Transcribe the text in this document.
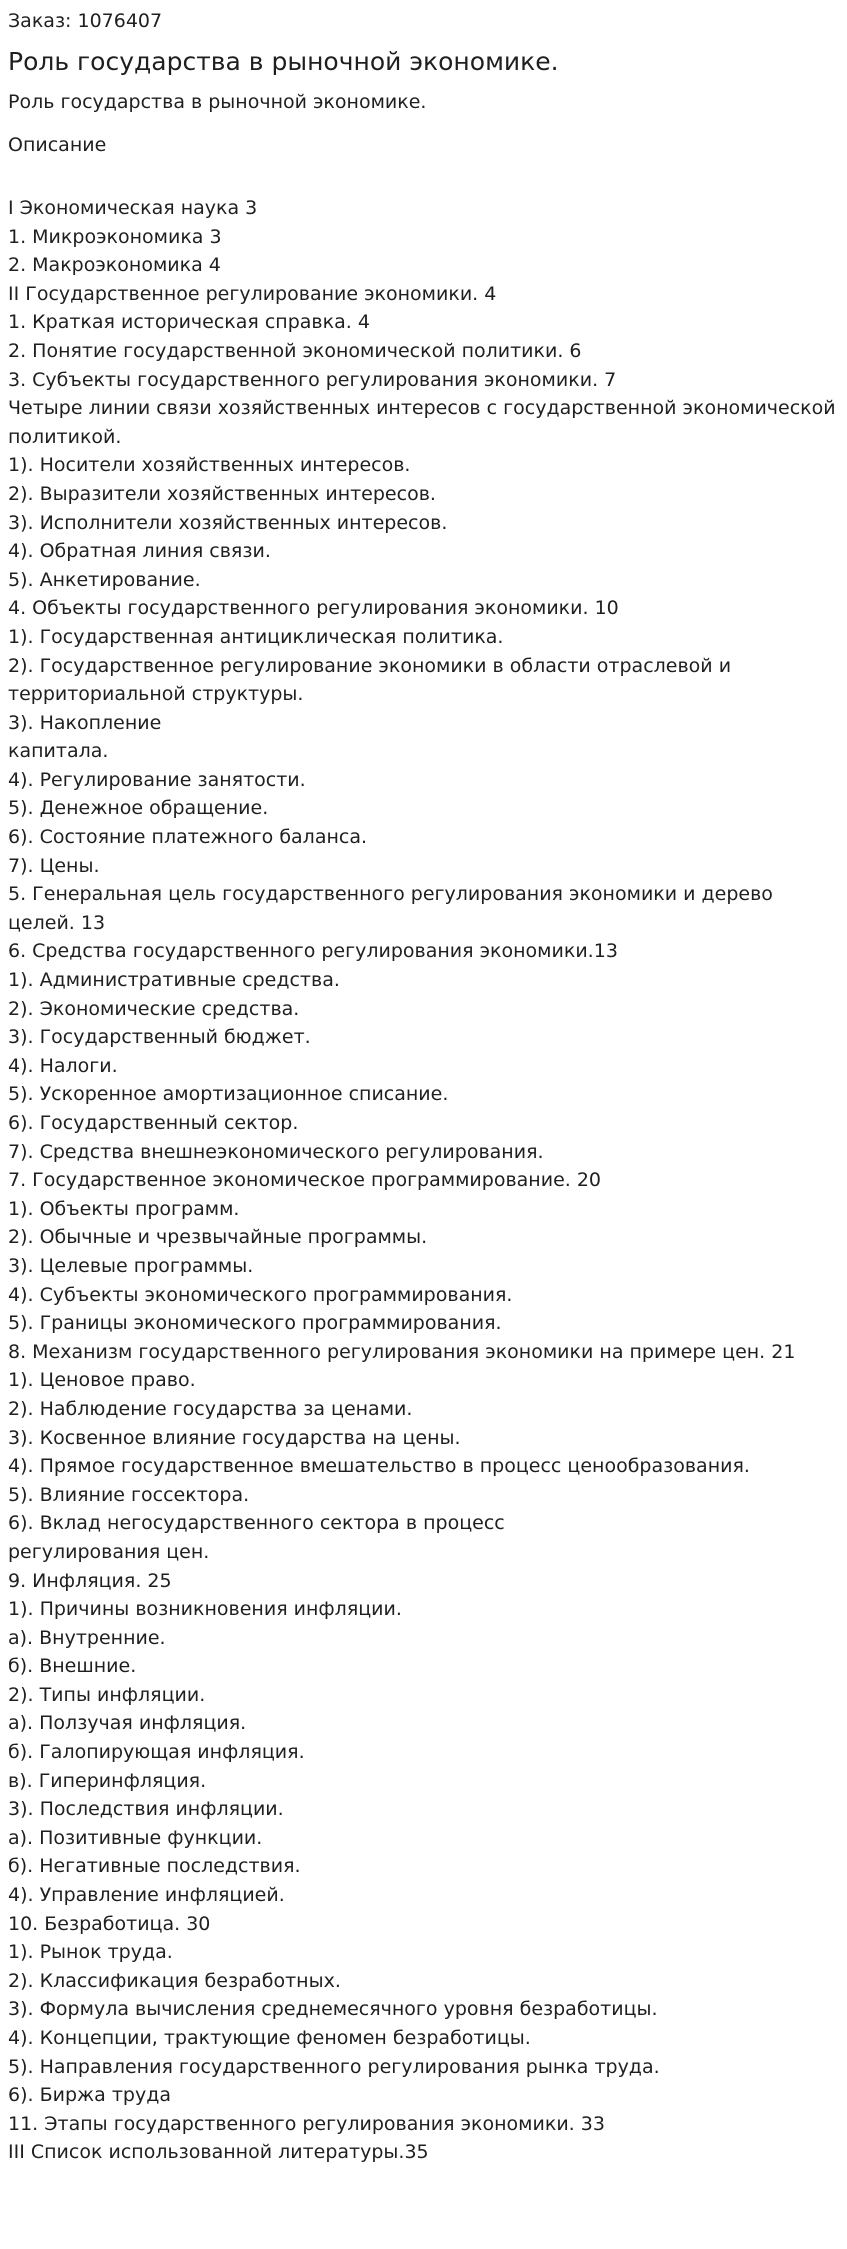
Заказ: 1076407
Роль государства в рыночной экономике.
Роль государства в рыночной экономике.
Описание
I Экономическая наука 3
1. Микроэкономика 3
2. Макроэкономика 4
II Государственное регулирование экономики. 4
1. Краткая историческая справка. 4
2. Понятие государственной экономической политики. 6
3. Субъекты государственного регулирования экономики. 7
Четыре линии связи хозяйственных интересов с государственной экономической политикой.
1). Носители хозяйственных интересов.
2). Выразители хозяйственных интересов.
3). Исполнители хозяйственных интересов.
4). Обратная линия связи.
5). Анкетирование.
4. Объекты государственного регулирования экономики. 10
1). Государственная антициклическая политика.
2). Государственное регулирование экономики в области отраслевой и территориальной структуры.
3). Накопление
капитала.
4). Регулирование занятости.
5). Денежное обращение.
6). Состояние платежного баланса.
7). Цены.
5. Генеральная цель государственного регулирования экономики и дерево целей. 13
6. Средства государственного регулирования экономики.13
1). Административные средства.
2). Экономические средства.
3). Государственный бюджет.
4). Налоги.
5). Ускоренное амортизационное списание.
6). Государственный сектор.
7). Средства внешнеэкономического регулирования.
7. Государственное экономическое программирование. 20
1). Объекты программ.
2). Обычные и чрезвычайные программы.
3). Целевые программы.
4). Субъекты экономического программирования.
5). Границы экономического программирования.
8. Механизм государственного регулирования экономики на примере цен. 21
1). Ценовое право.
2). Наблюдение государства за ценами.
3). Косвенное влияние государства на цены.
4). Прямое государственное вмешательство в процесс ценообразования.
5). Влияние госсектора.
6). Вклад негосударственного сектора в процесс
регулирования цен.
9. Инфляция. 25
1). Причины возникновения инфляции.
а). Внутренние.
б). Внешние.
2). Типы инфляции.
а). Ползучая инфляция.
б). Галопирующая инфляция.
в). Гиперинфляция.
3). Последствия инфляции.
а). Позитивные функции.
б). Негативные последствия.
4). Управление инфляцией.
10. Безработица. 30
1). Рынок труда.
2). Классификация безработных.
3). Формула вычисления среднемесячного уровня безработицы.
4). Концепции, трактующие феномен безработицы.
5). Направления государственного регулирования рынка труда.
6). Биржа труда
11. Этапы государственного регулирования экономики. 33
III Список использованной литературы.35
